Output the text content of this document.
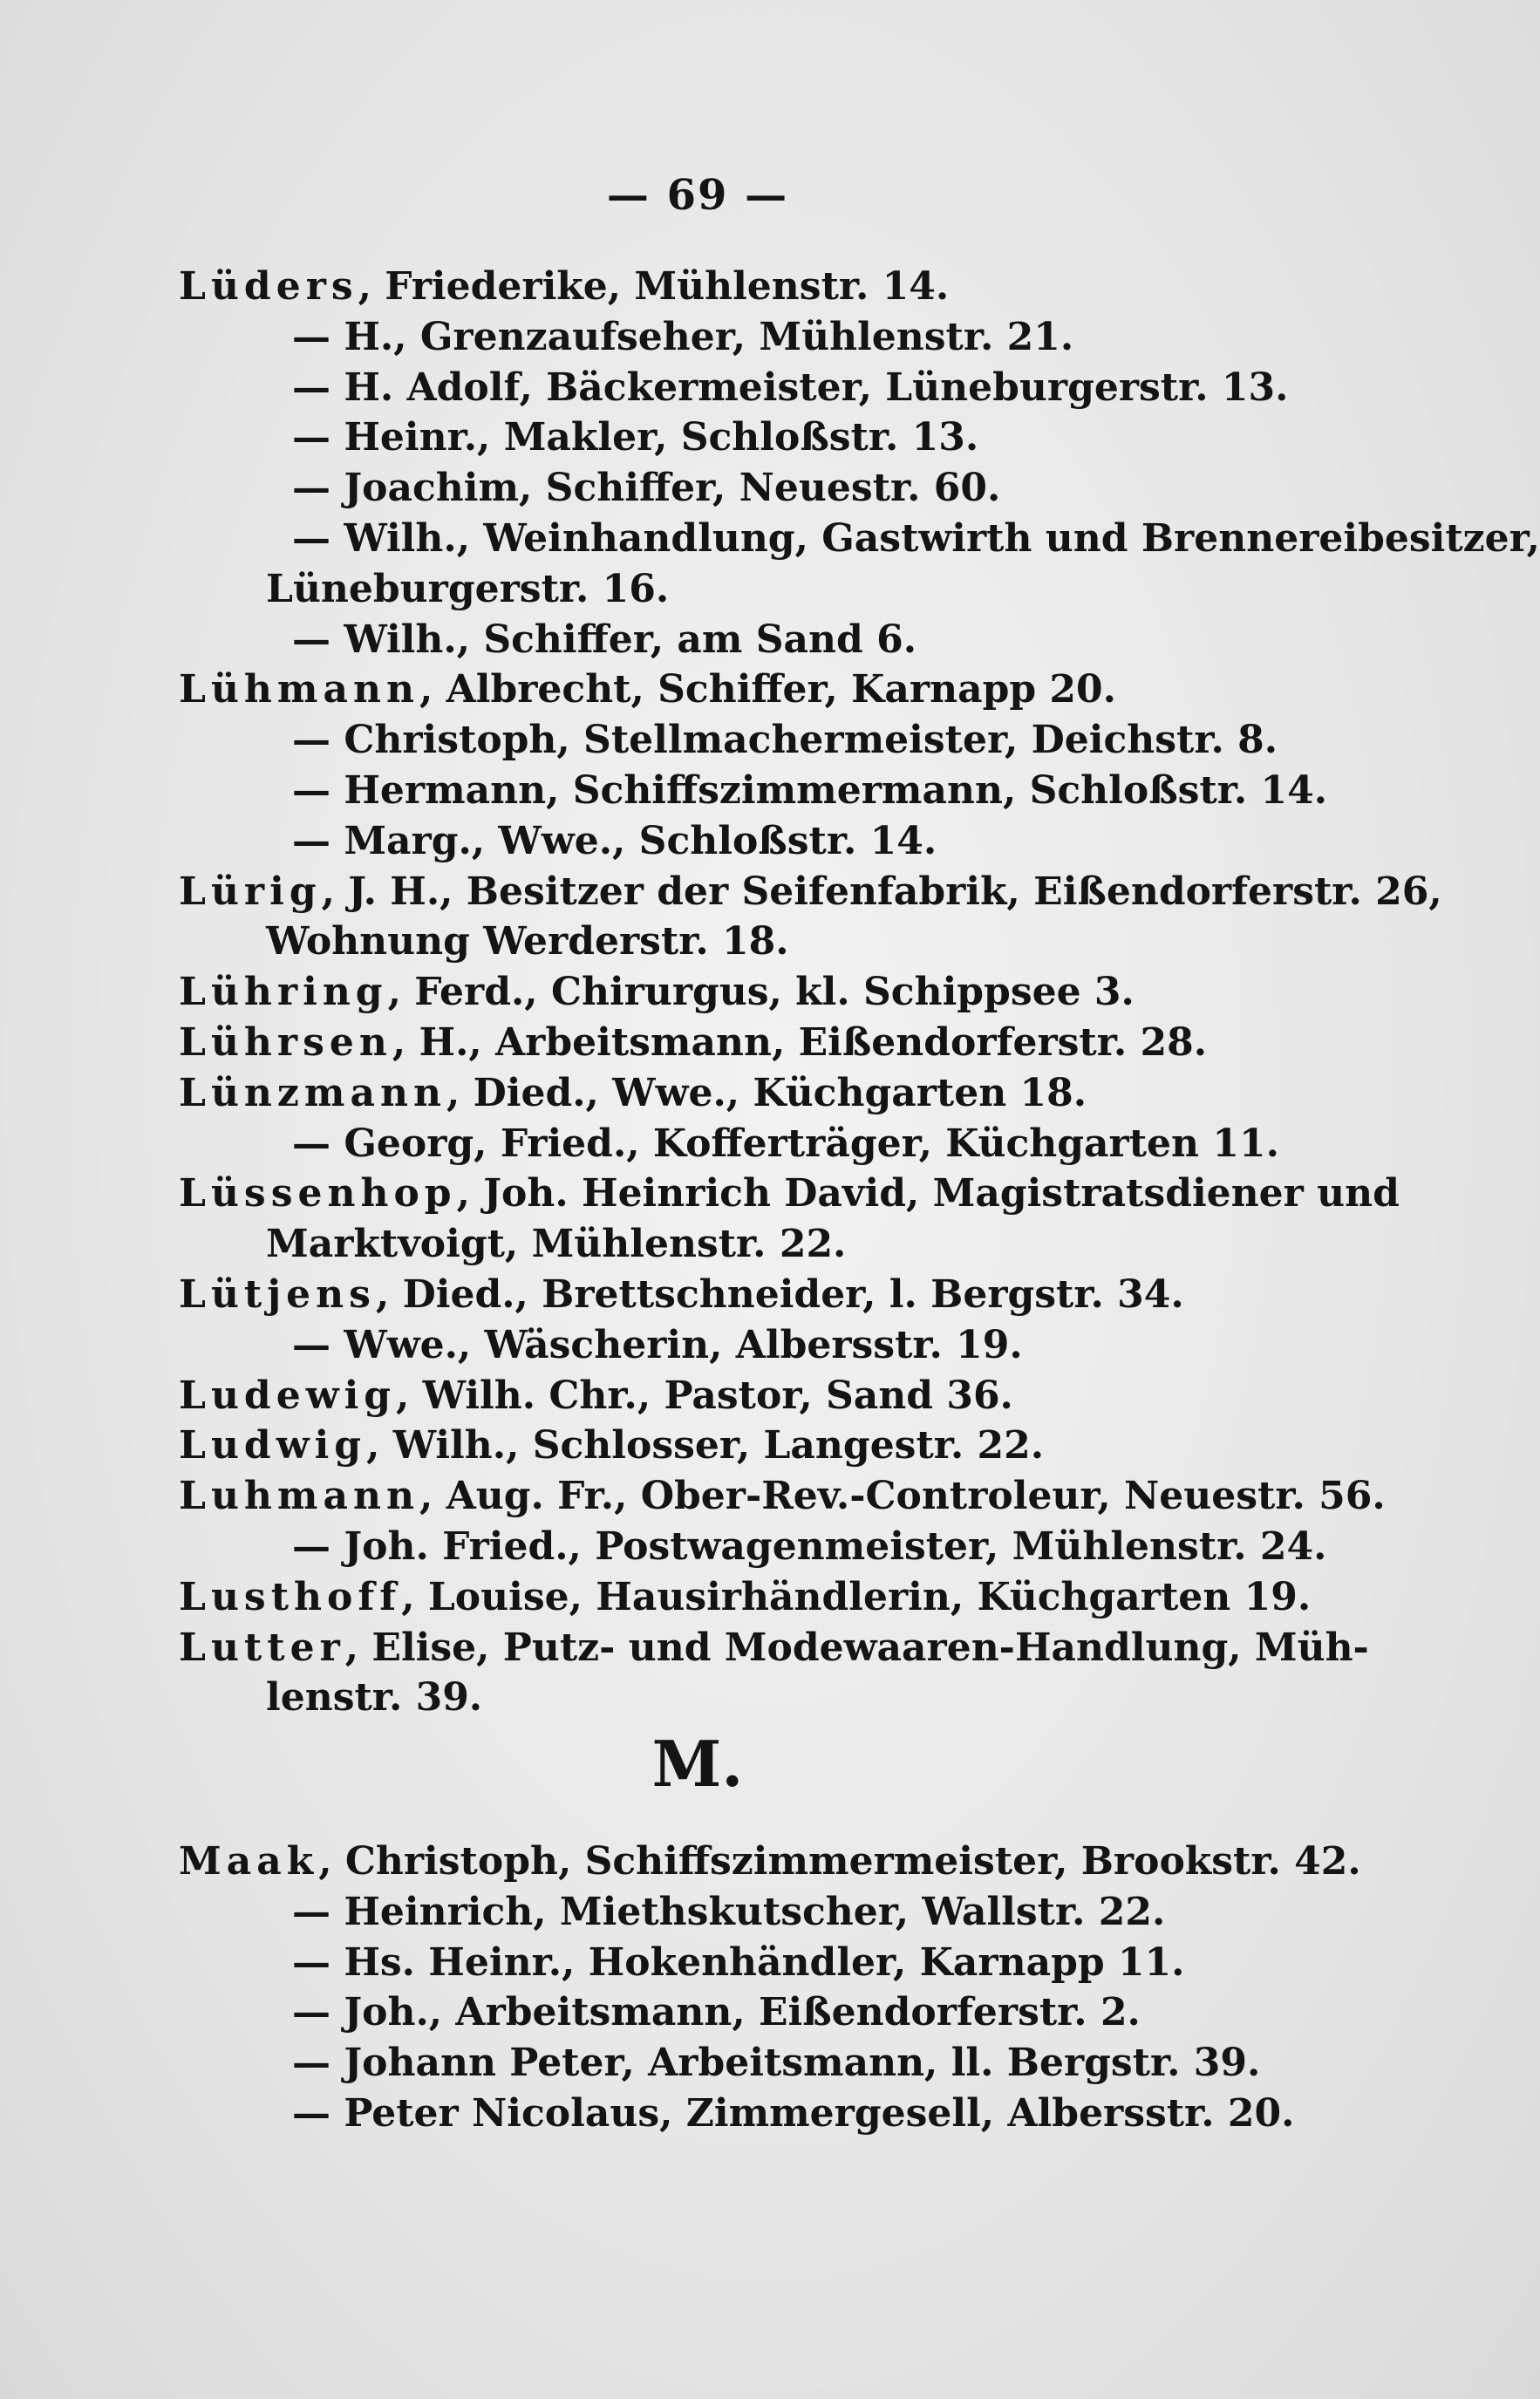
— 69 —
Lüders, Friederike, Mühlenstr. 14.
— H., Grenzaufseher, Mühlenstr. 21.
— H. Adolf, Bäckermeister, Lüneburgerstr. 13.
— Heinr., Makler, Schloßstr. 13.
— Joachim, Schiffer, Neuestr. 60.
— Wilh., Weinhandlung, Gastwirth und Brennereibesitzer,
Lüneburgerstr. 16.
— Wilh., Schiffer, am Sand 6.
Lühmann, Albrecht, Schiffer, Karnapp 20.
— Christoph, Stellmachermeister, Deichstr. 8.
— Hermann, Schiffszimmermann, Schloßstr. 14.
— Marg., Wwe., Schloßstr. 14.
Lürig, J. H., Besitzer der Seifenfabrik, Eißendorferstr. 26,
Wohnung Werderstr. 18.
Lühring, Ferd., Chirurgus, kl. Schippsee 3.
Lührsen, H., Arbeitsmann, Eißendorferstr. 28.
Lünzmann, Died., Wwe., Küchgarten 18.
— Georg, Fried., Kofferträger, Küchgarten 11.
Lüssenhop, Joh. Heinrich David, Magistratsdiener und
Marktvoigt, Mühlenstr. 22.
Lütjens, Died., Brettschneider, l. Bergstr. 34.
— Wwe., Wäscherin, Albersstr. 19.
Ludewig, Wilh. Chr., Pastor, Sand 36.
Ludwig, Wilh., Schlosser, Langestr. 22.
Luhmann, Aug. Fr., Ober-Rev.-Controleur, Neuestr. 56.
— Joh. Fried., Postwagenmeister, Mühlenstr. 24.
Lusthoff, Louise, Hausirhändlerin, Küchgarten 19.
Lutter, Elise, Putz- und Modewaaren-Handlung, Müh-
lenstr. 39.
M.
Maak, Christoph, Schiffszimmermeister, Brookstr. 42.
— Heinrich, Miethskutscher, Wallstr. 22.
— Hs. Heinr., Hokenhändler, Karnapp 11.
— Joh., Arbeitsmann, Eißendorferstr. 2.
— Johann Peter, Arbeitsmann, ll. Bergstr. 39.
— Peter Nicolaus, Zimmergesell, Albersstr. 20.
